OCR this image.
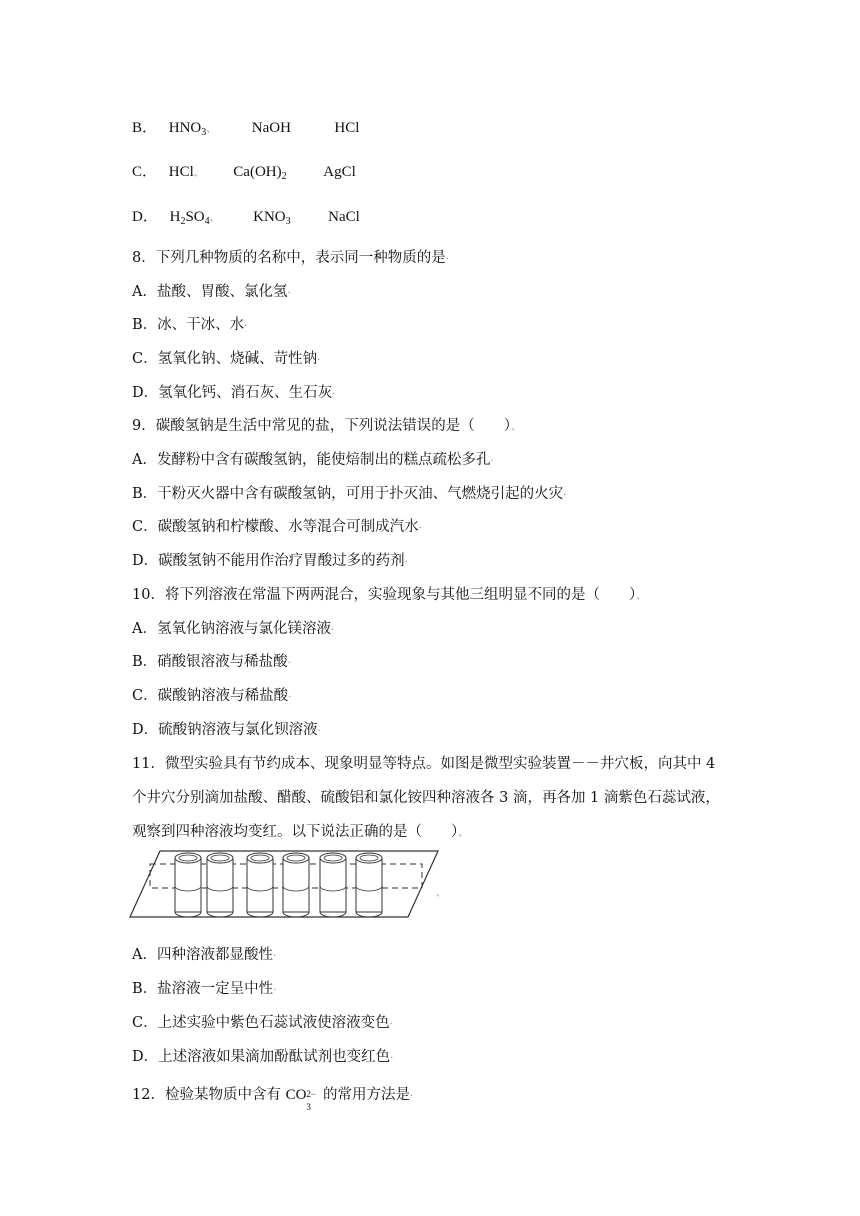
B． $HNO_3$、 NaOH	HCl
C． HCl、 $Ca(OH)_2$ AgCl
D． $H_2SO_4$、 $KNO_3$	NaCl
8．下列几种物质的名称中，表示同一种物质的是·
A．盐酸、胃酸、氯化氢·
B．冰、干冰、水·
C．氢氧化钠、烧碱、苛性钠·
D．氢氧化钙、消石灰、生石灰·
9．碳酸氢钠是生活中常见的盐，下列说法错误的是（　　）、
A．发酵粉中含有碳酸氢钠，能使焙制出的糕点疏松多孔·
B．干粉灭火器中含有碳酸氢钠，可用于扑灭油、气燃烧引起的火灾·
C．碳酸氢钠和柠檬酸、水等混合可制成汽水·
D．碳酸氢钠不能用作治疗胃酸过多的药剂·
10．将下列溶液在常温下两两混合，实验现象与其他三组明显不同的是（　　）、
A．氢氧化钠溶液与氯化镁溶液·
B．硝酸银溶液与稀盐酸·
C．碳酸钠溶液与稀盐酸·
D．硫酸钠溶液与氯化钡溶液·
11．微型实验具有节约成本、现象明显等特点。如图是微型实验装置－－井穴板，向其中 4
个井穴分别滴加盐酸、醋酸、硫酸铝和氯化铵四种溶液各 3 滴，再各加 1 滴紫色石蕊试液，
观察到四种溶液均变红。以下说法正确的是（　　）、
、
A．四种溶液都显酸性·
B．盐溶液一定呈中性·
C．上述实验中紫色石蕊试液使溶液变色·
D．上述溶液如果滴加酚酞试剂也变红色·
12．检验某物质中含有 CO 2−
3
的常用方法是·
